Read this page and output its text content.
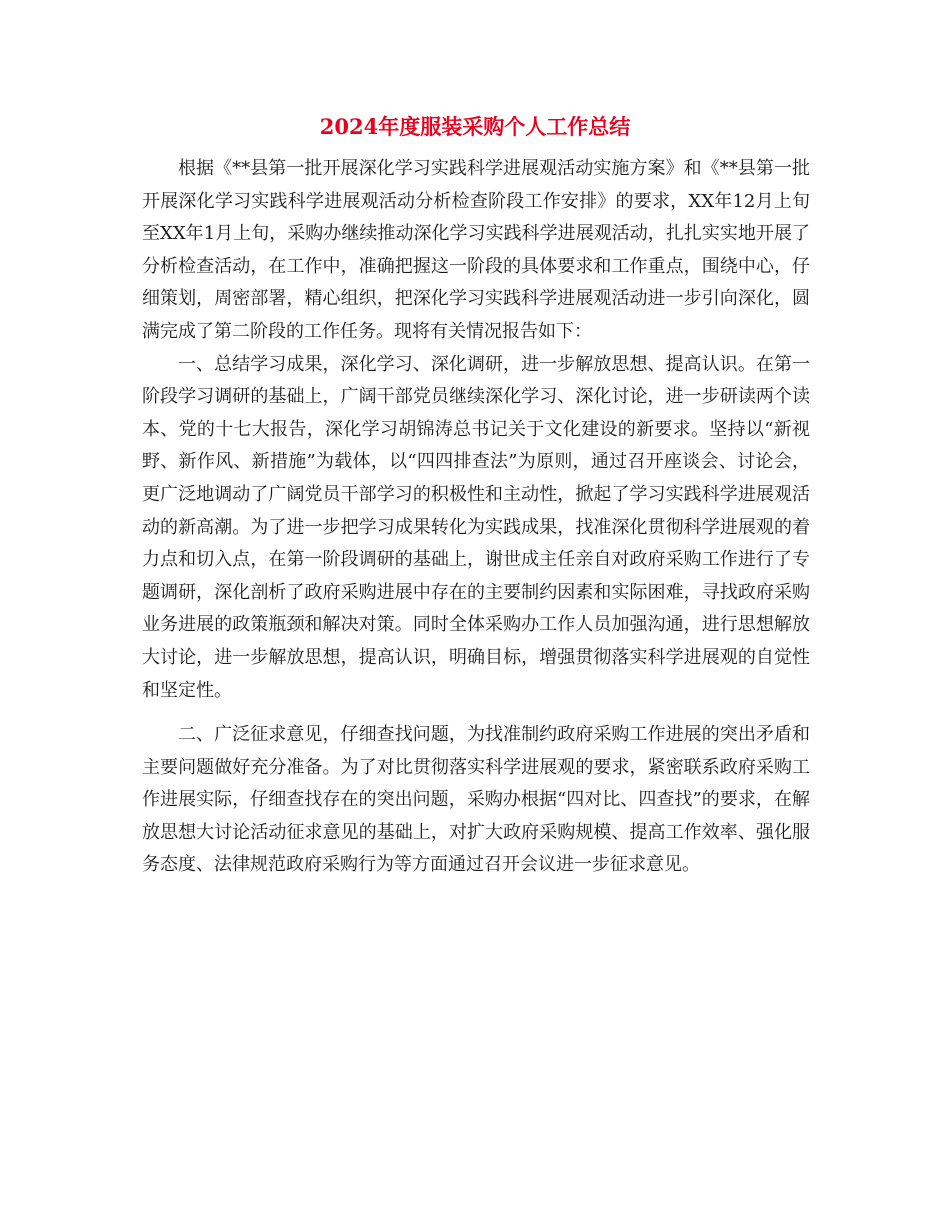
2024年度服装采购个人工作总结

根据《**县第一批开展深化学习实践科学进展观活动实施方案》和《**县第一批开展深化学习实践科学进展观活动分析检查阶段工作安排》的要求，XX年12月上旬至XX年1月上旬，采购办继续推动深化学习实践科学进展观活动，扎扎实实地开展了分析检查活动，在工作中，准确把握这一阶段的具体要求和工作重点，围绕中心，仔细策划，周密部署，精心组织，把深化学习实践科学进展观活动进一步引向深化，圆满完成了第二阶段的工作任务。现将有关情况报告如下：

一、总结学习成果，深化学习、深化调研，进一步解放思想、提高认识。在第一阶段学习调研的基础上，广阔干部党员继续深化学习、深化讨论，进一步研读两个读本、党的十七大报告，深化学习胡锦涛总书记关于文化建设的新要求。坚持以“新视野、新作风、新措施”为载体，以“四四排查法”为原则，通过召开座谈会、讨论会，更广泛地调动了广阔党员干部学习的积极性和主动性，掀起了学习实践科学进展观活动的新高潮。为了进一步把学习成果转化为实践成果，找准深化贯彻科学进展观的着力点和切入点，在第一阶段调研的基础上，谢世成主任亲自对政府采购工作进行了专题调研，深化剖析了政府采购进展中存在的主要制约因素和实际困难，寻找政府采购业务进展的政策瓶颈和解决对策。同时全体采购办工作人员加强沟通，进行思想解放大讨论，进一步解放思想，提高认识，明确目标，增强贯彻落实科学进展观的自觉性和坚定性。

二、广泛征求意见，仔细查找问题，为找准制约政府采购工作进展的突出矛盾和主要问题做好充分准备。为了对比贯彻落实科学进展观的要求，紧密联系政府采购工作进展实际，仔细查找存在的突出问题，采购办根据“四对比、四查找”的要求，在解放思想大讨论活动征求意见的基础上，对扩大政府采购规模、提高工作效率、强化服务态度、法律规范政府采购行为等方面通过召开会议进一步征求意见。
